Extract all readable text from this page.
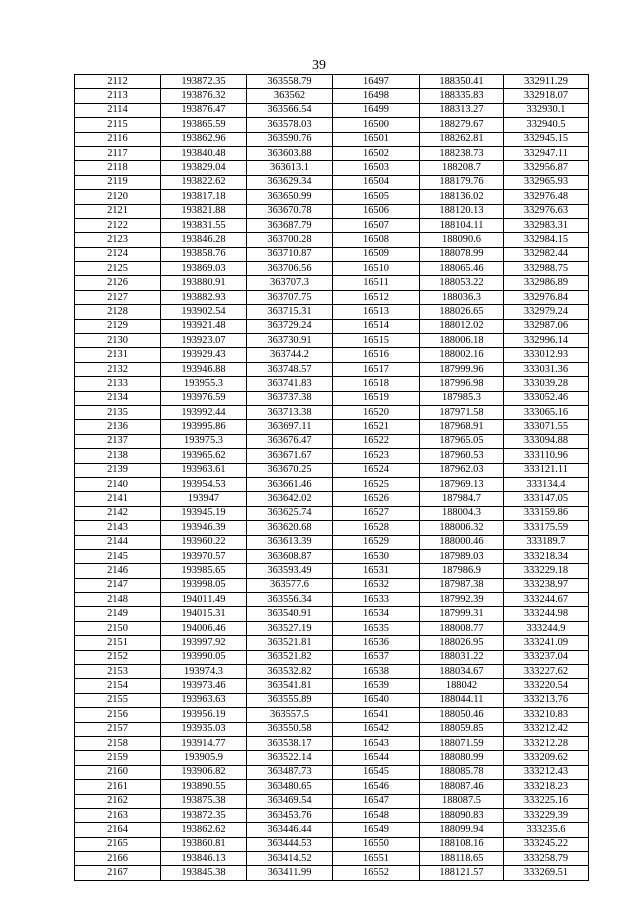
39
2112	193872.35	363558.79	16497	188350.41	332911.29
2113	193876.32	363562	16498	188335.83	332918.07
2114	193876.47	363566.54	16499	188313.27	332930.1
2115	193865.59	363578.03	16500	188279.67	332940.5
2116	193862.96	363590.76	16501	188262.81	332945.15
2117	193840.48	363603.88	16502	188238.73	332947.11
2118	193829.04	363613.1	16503	188208.7	332956.87
2119	193822.62	363629.34	16504	188179.76	332965.93
2120	193817.18	363650.99	16505	188136.02	332976.48
2121	193821.88	363670.78	16506	188120.13	332976.63
2122	193831.55	363687.79	16507	188104.11	332983.31
2123	193846.28	363700.28	16508	188090.6	332984.15
2124	193858.76	363710.87	16509	188078.99	332982.44
2125	193869.03	363706.56	16510	188065.46	332988.75
2126	193880.91	363707.3	16511	188053.22	332986.89
2127	193882.93	363707.75	16512	188036.3	332976.84
2128	193902.54	363715.31	16513	188026.65	332979.24
2129	193921.48	363729.24	16514	188012.02	332987.06
2130	193923.07	363730.91	16515	188006.18	332996.14
2131	193929.43	363744.2	16516	188002.16	333012.93
2132	193946.88	363748.57	16517	187999.96	333031.36
2133	193955.3	363741.83	16518	187996.98	333039.28
2134	193976.59	363737.38	16519	187985.3	333052.46
2135	193992.44	363713.38	16520	187971.58	333065.16
2136	193995.86	363697.11	16521	187968.91	333071.55
2137	193975.3	363676.47	16522	187965.05	333094.88
2138	193965.62	363671.67	16523	187960.53	333110.96
2139	193963.61	363670.25	16524	187962.03	333121.11
2140	193954.53	363661.46	16525	187969.13	333134.4
2141	193947	363642.02	16526	187984.7	333147.05
2142	193945.19	363625.74	16527	188004.3	333159.86
2143	193946.39	363620.68	16528	188006.32	333175.59
2144	193960.22	363613.39	16529	188000.46	333189.7
2145	193970.57	363608.87	16530	187989.03	333218.34
2146	193985.65	363593.49	16531	187986.9	333229.18
2147	193998.05	363577.6	16532	187987.38	333238.97
2148	194011.49	363556.34	16533	187992.39	333244.67
2149	194015.31	363540.91	16534	187999.31	333244.98
2150	194006.46	363527.19	16535	188008.77	333244.9
2151	193997.92	363521.81	16536	188026.95	333241.09
2152	193990.05	363521.82	16537	188031.22	333237.04
2153	193974.3	363532.82	16538	188034.67	333227.62
2154	193973.46	363541.81	16539	188042	333220.54
2155	193963.63	363555.89	16540	188044.11	333213.76
2156	193956.19	363557.5	16541	188050.46	333210.83
2157	193935.03	363550.58	16542	188059.85	333212.42
2158	193914.77	363538.17	16543	188071.59	333212.28
2159	193905.9	363522.14	16544	188080.99	333209.62
2160	193906.82	363487.73	16545	188085.78	333212.43
2161	193890.55	363480.65	16546	188087.46	333218.23
2162	193875.38	363469.54	16547	188087.5	333225.16
2163	193872.35	363453.76	16548	188090.83	333229.39
2164	193862.62	363446.44	16549	188099.94	333235.6
2165	193860.81	363444.53	16550	188108.16	333245.22
2166	193846.13	363414.52	16551	188118.65	333258.79
2167	193845.38	363411.99	16552	188121.57	333269.51
